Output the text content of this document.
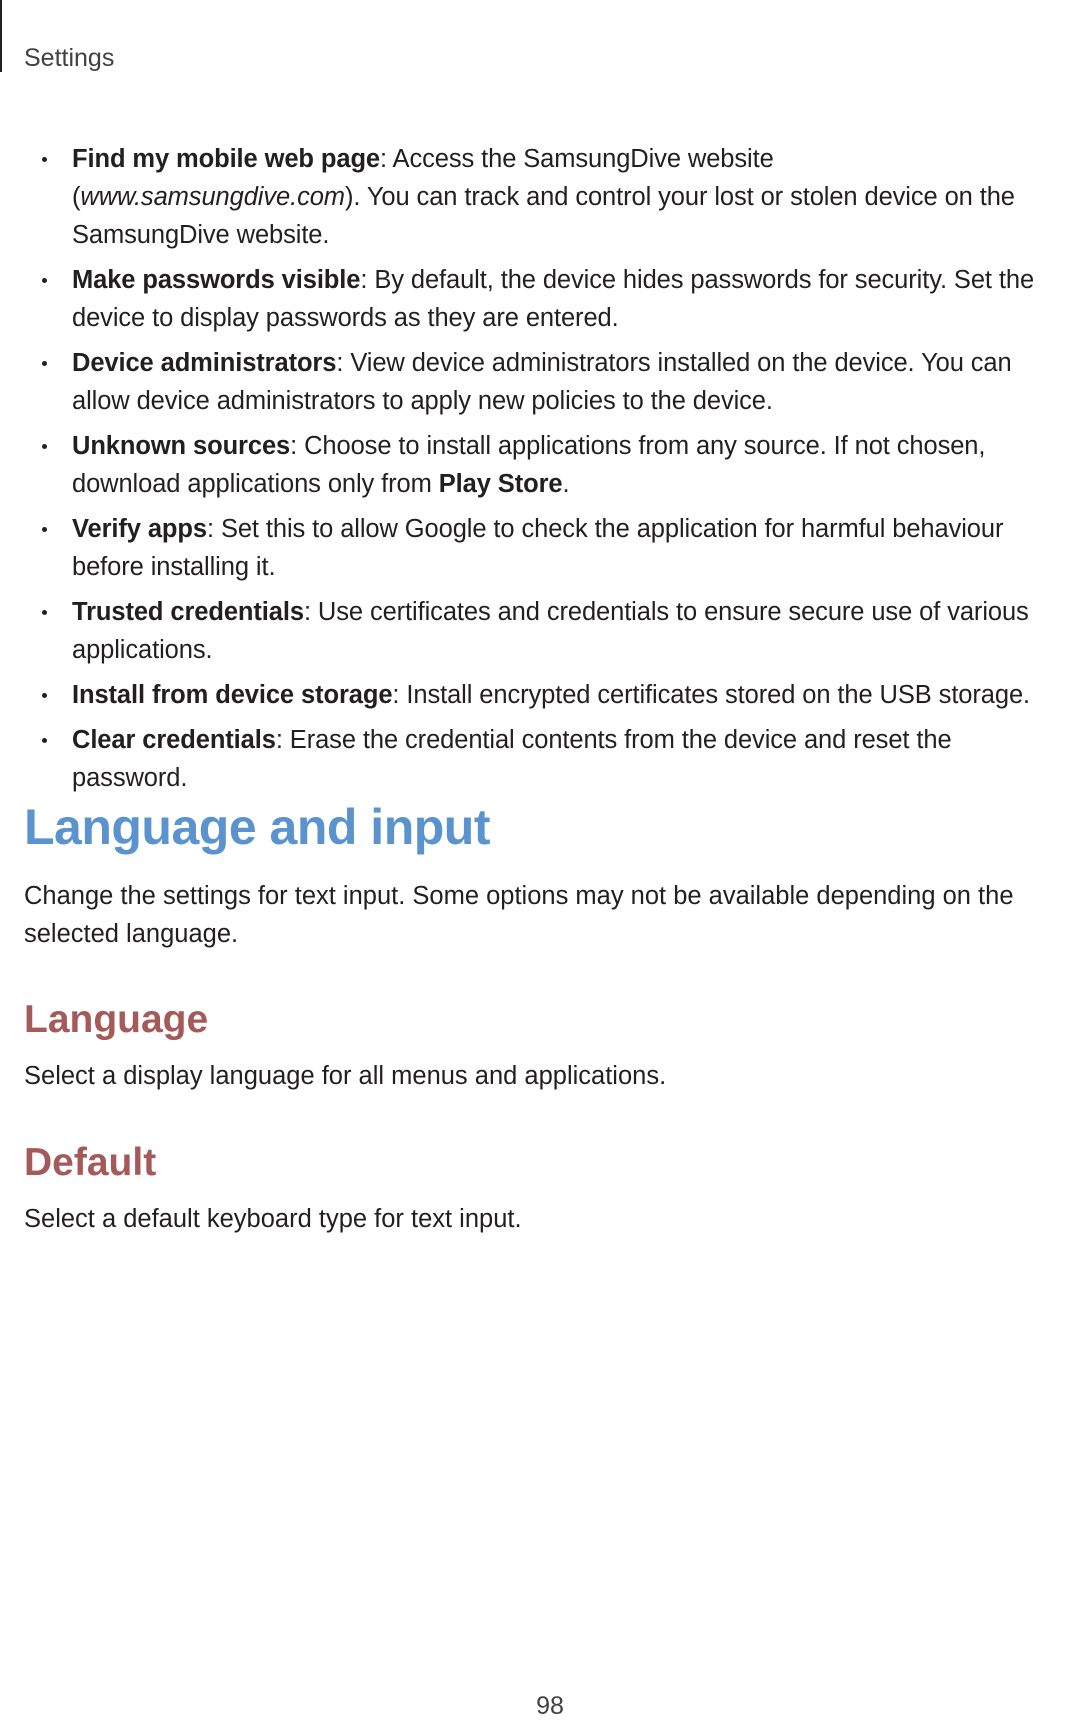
Settings
Find my mobile web page: Access the SamsungDive website (www.samsungdive.com). You can track and control your lost or stolen device on the SamsungDive website.
Make passwords visible: By default, the device hides passwords for security. Set the device to display passwords as they are entered.
Device administrators: View device administrators installed on the device. You can allow device administrators to apply new policies to the device.
Unknown sources: Choose to install applications from any source. If not chosen, download applications only from Play Store.
Verify apps: Set this to allow Google to check the application for harmful behaviour before installing it.
Trusted credentials: Use certificates and credentials to ensure secure use of various applications.
Install from device storage: Install encrypted certificates stored on the USB storage.
Clear credentials: Erase the credential contents from the device and reset the password.
Language and input

Change the settings for text input. Some options may not be available depending on the selected language.

Language

Select a display language for all menus and applications.

Default

Select a default keyboard type for text input.

98
